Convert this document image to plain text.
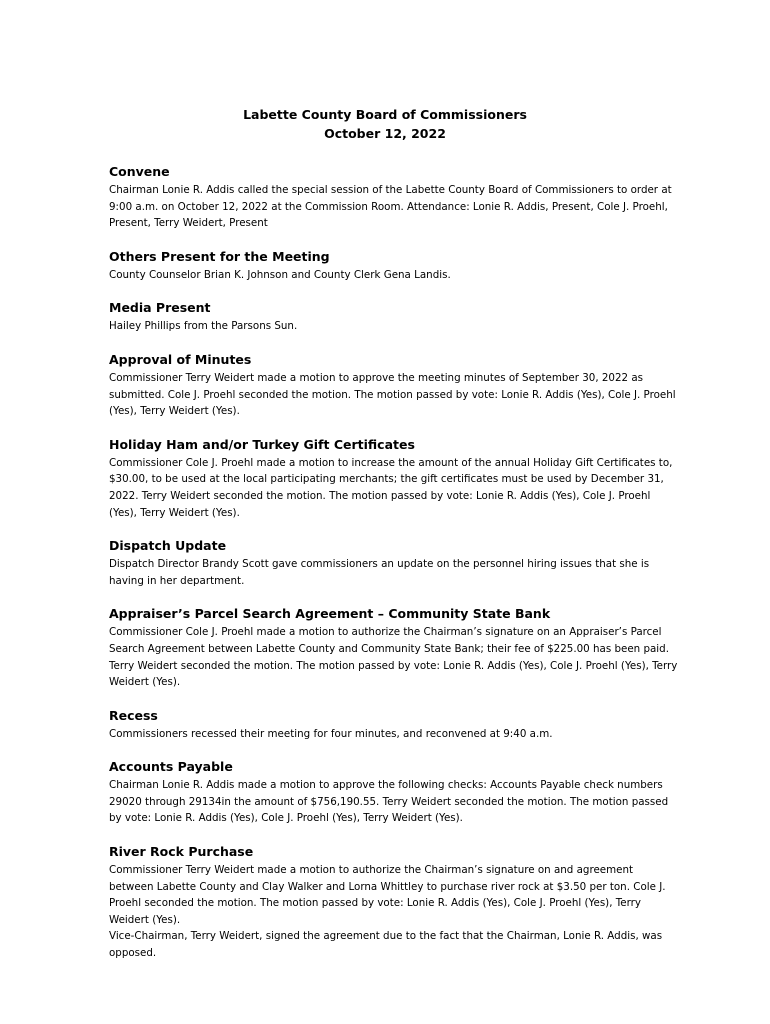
Labette County Board of Commissioners
October 12, 2022
Convene

Chairman Lonie R. Addis called the special session of the Labette County Board of Commissioners to order at 9:00 a.m. on October 12, 2022 at the Commission Room. Attendance: Lonie R. Addis, Present, Cole J. Proehl, Present, Terry Weidert, Present

Others Present for the Meeting

County Counselor Brian K. Johnson and County Clerk Gena Landis.

Media Present

Hailey Phillips from the Parsons Sun.

Approval of Minutes

Commissioner Terry Weidert made a motion to approve the meeting minutes of September 30, 2022 as submitted. Cole J. Proehl seconded the motion. The motion passed by vote: Lonie R. Addis (Yes), Cole J. Proehl (Yes), Terry Weidert (Yes).

Holiday Ham and/or Turkey Gift Certificates

Commissioner Cole J. Proehl made a motion to increase the amount of the annual Holiday Gift Certificates to, $30.00, to be used at the local participating merchants; the gift certificates must be used by December 31, 2022. Terry Weidert seconded the motion. The motion passed by vote: Lonie R. Addis (Yes), Cole J. Proehl (Yes), Terry Weidert (Yes).

Dispatch Update

Dispatch Director Brandy Scott gave commissioners an update on the personnel hiring issues that she is having in her department.

Appraiser’s Parcel Search Agreement – Community State Bank

Commissioner Cole J. Proehl made a motion to authorize the Chairman’s signature on an Appraiser’s Parcel Search Agreement between Labette County and Community State Bank; their fee of $225.00 has been paid. Terry Weidert seconded the motion. The motion passed by vote: Lonie R. Addis (Yes), Cole J. Proehl (Yes), Terry Weidert (Yes).

Recess

Commissioners recessed their meeting for four minutes, and reconvened at 9:40 a.m.

Accounts Payable

Chairman Lonie R. Addis made a motion to approve the following checks: Accounts Payable check numbers 29020 through 29134in the amount of $756,190.55. Terry Weidert seconded the motion. The motion passed by vote: Lonie R. Addis (Yes), Cole J. Proehl (Yes), Terry Weidert (Yes).

River Rock Purchase

Commissioner Terry Weidert made a motion to authorize the Chairman’s signature on and agreement between Labette County and Clay Walker and Lorna Whittley to purchase river rock at $3.50 per ton. Cole J. Proehl seconded the motion. The motion passed by vote: Lonie R. Addis (Yes), Cole J. Proehl (Yes), Terry Weidert (Yes).

Vice-Chairman, Terry Weidert, signed the agreement due to the fact that the Chairman, Lonie R. Addis, was opposed.
